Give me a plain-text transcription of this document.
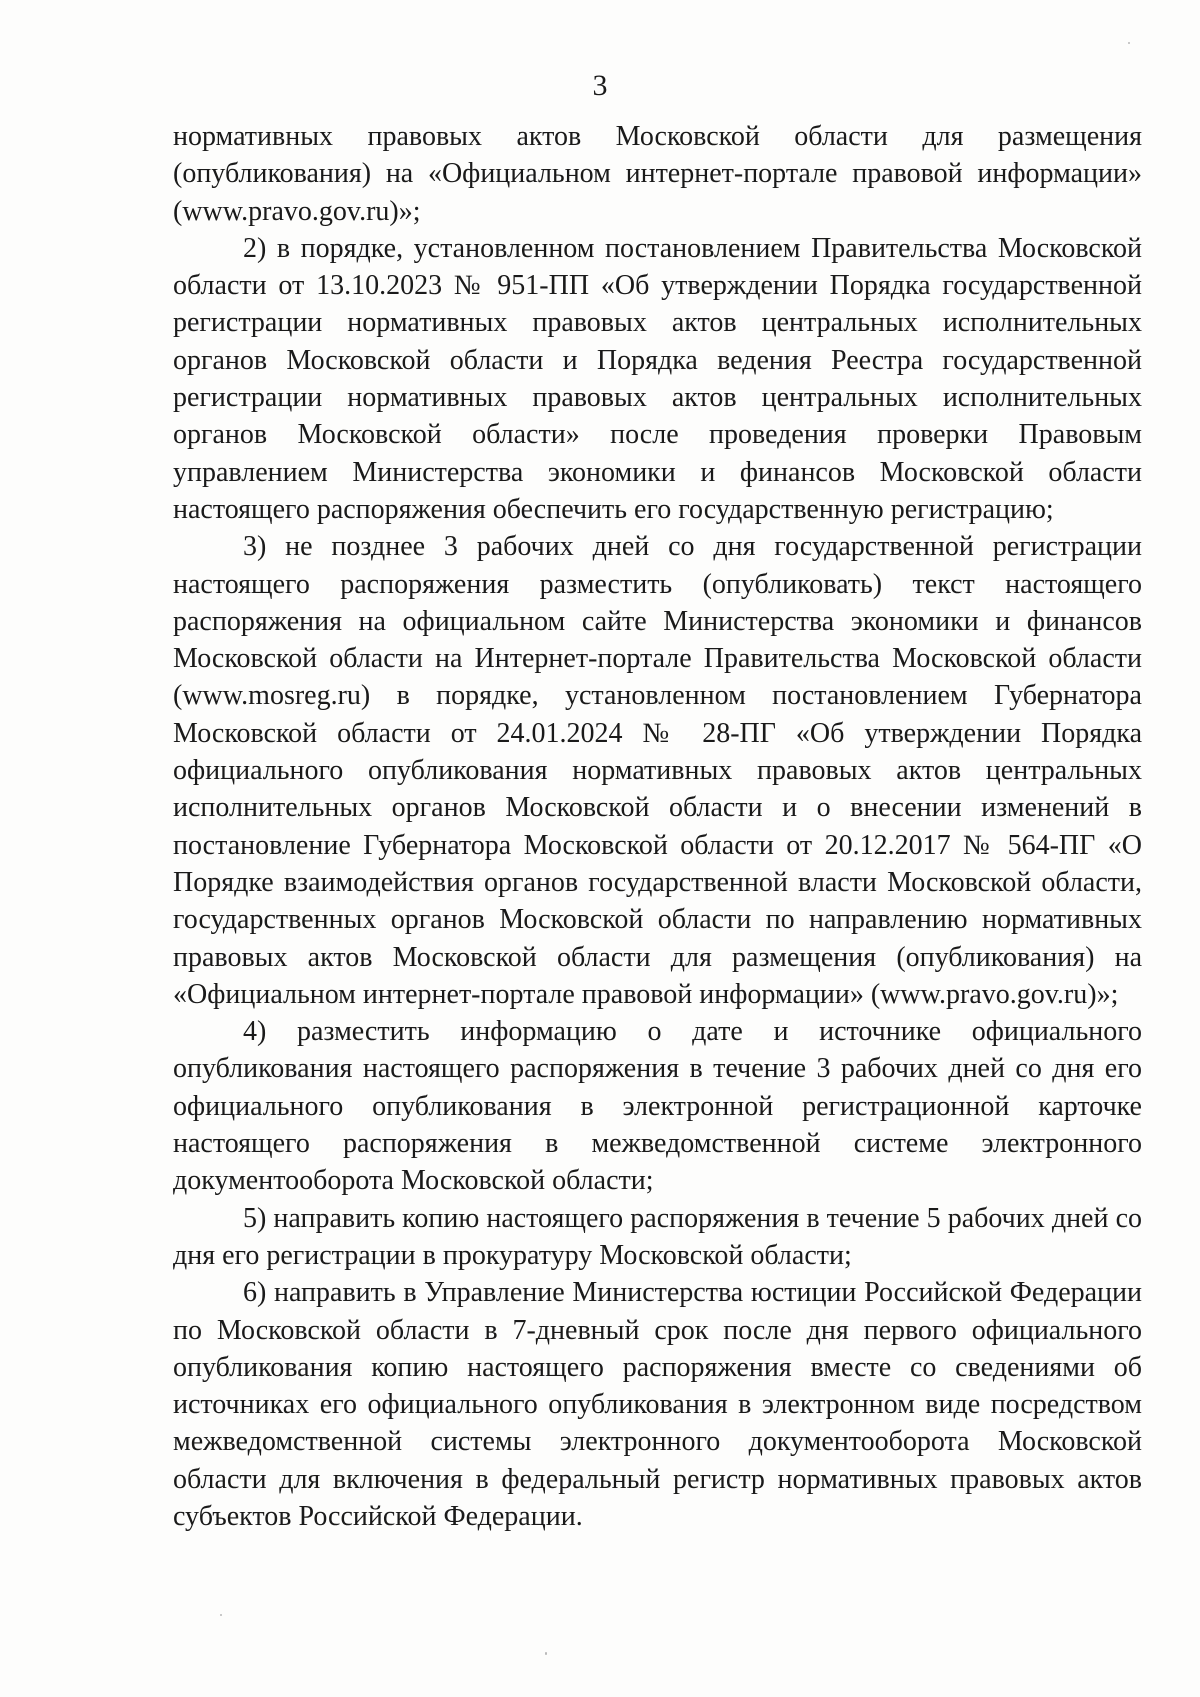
3

нормативных правовых актов Московской области для размещения (опубликования) на «Официальном интернет-портале правовой информации» (www.pravo.gov.ru)»;

2) в порядке, установленном постановлением Правительства Московской области от 13.10.2023 № 951-ПП «Об утверждении Порядка государственной регистрации нормативных правовых актов центральных исполнительных органов Московской области и Порядка ведения Реестра государственной регистрации нормативных правовых актов центральных исполнительных органов Московской области» после проведения проверки Правовым управлением Министерства экономики и финансов Московской области настоящего распоряжения обеспечить его государственную регистрацию;

3) не позднее 3 рабочих дней со дня государственной регистрации настоящего распоряжения разместить (опубликовать) текст настоящего распоряжения на официальном сайте Министерства экономики и финансов Московской области на Интернет-портале Правительства Московской области (www.mosreg.ru) в порядке, установленном постановлением Губернатора Московской области от 24.01.2024 № 28-ПГ «Об утверждении Порядка официального опубликования нормативных правовых актов центральных исполнительных органов Московской области и о внесении изменений в постановление Губернатора Московской области от 20.12.2017 № 564-ПГ «О Порядке взаимодействия органов государственной власти Московской области, государственных органов Московской области по направлению нормативных правовых актов Московской области для размещения (опубликования) на «Официальном интернет-портале правовой информации» (www.pravo.gov.ru)»;

4) разместить информацию о дате и источнике официального опубликования настоящего распоряжения в течение 3 рабочих дней со дня его официального опубликования в электронной регистрационной карточке настоящего распоряжения в межведомственной системе электронного документооборота Московской области;

5) направить копию настоящего распоряжения в течение 5 рабочих дней со дня его регистрации в прокуратуру Московской области;

6) направить в Управление Министерства юстиции Российской Федерации по Московской области в 7-дневный срок после дня первого официального опубликования копию настоящего распоряжения вместе со сведениями об источниках его официального опубликования в электронном виде посредством межведомственной системы электронного документооборота Московской области для включения в федеральный регистр нормативных правовых актов субъектов Российской Федерации.
